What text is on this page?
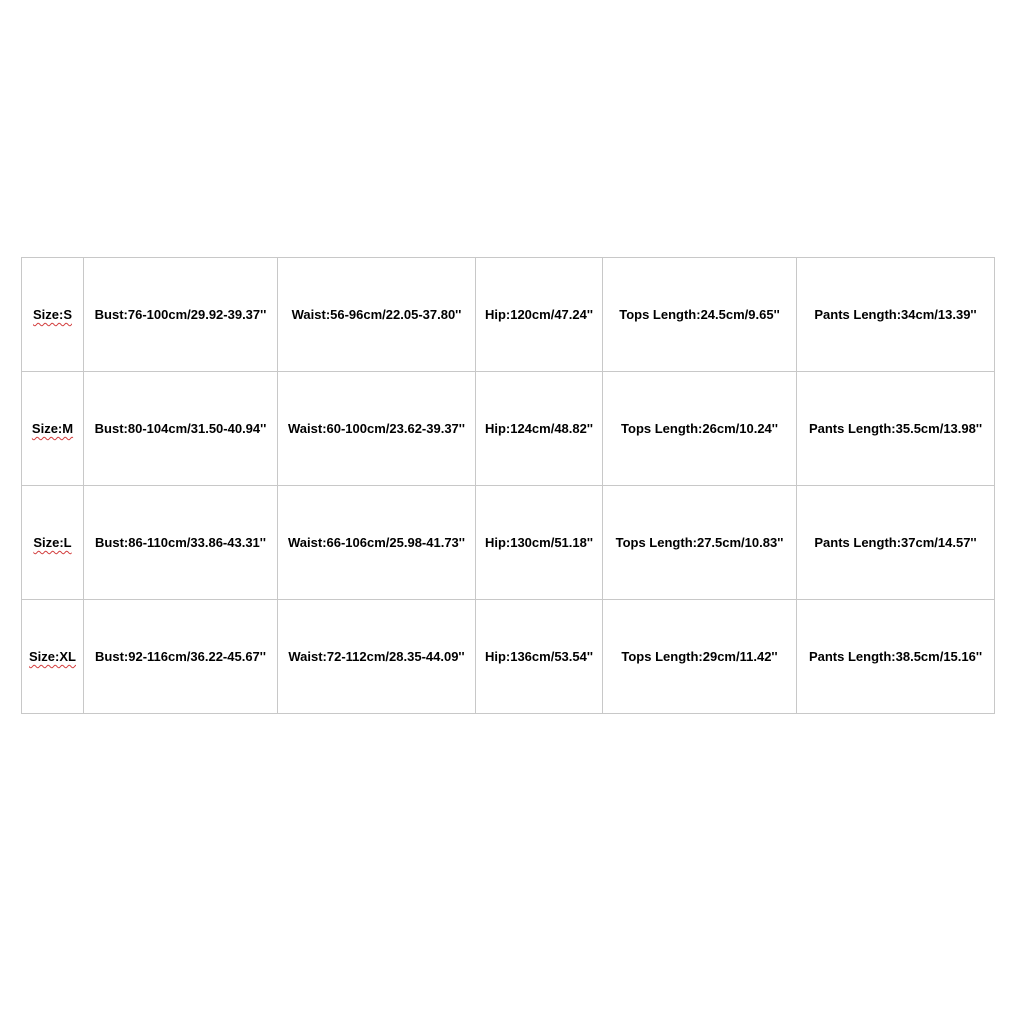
Size:S	Bust:76-100cm/29.92-39.37''	Waist:56-96cm/22.05-37.80''	Hip:120cm/47.24''	Tops Length:24.5cm/9.65''	Pants Length:34cm/13.39''
Size:M	Bust:80-104cm/31.50-40.94''	Waist:60-100cm/23.62-39.37''	Hip:124cm/48.82''	Tops Length:26cm/10.24''	Pants Length:35.5cm/13.98''
Size:L	Bust:86-110cm/33.86-43.31''	Waist:66-106cm/25.98-41.73''	Hip:130cm/51.18''	Tops Length:27.5cm/10.83''	Pants Length:37cm/14.57''
Size:XL	Bust:92-116cm/36.22-45.67''	Waist:72-112cm/28.35-44.09''	Hip:136cm/53.54''	Tops Length:29cm/11.42''	Pants Length:38.5cm/15.16''
